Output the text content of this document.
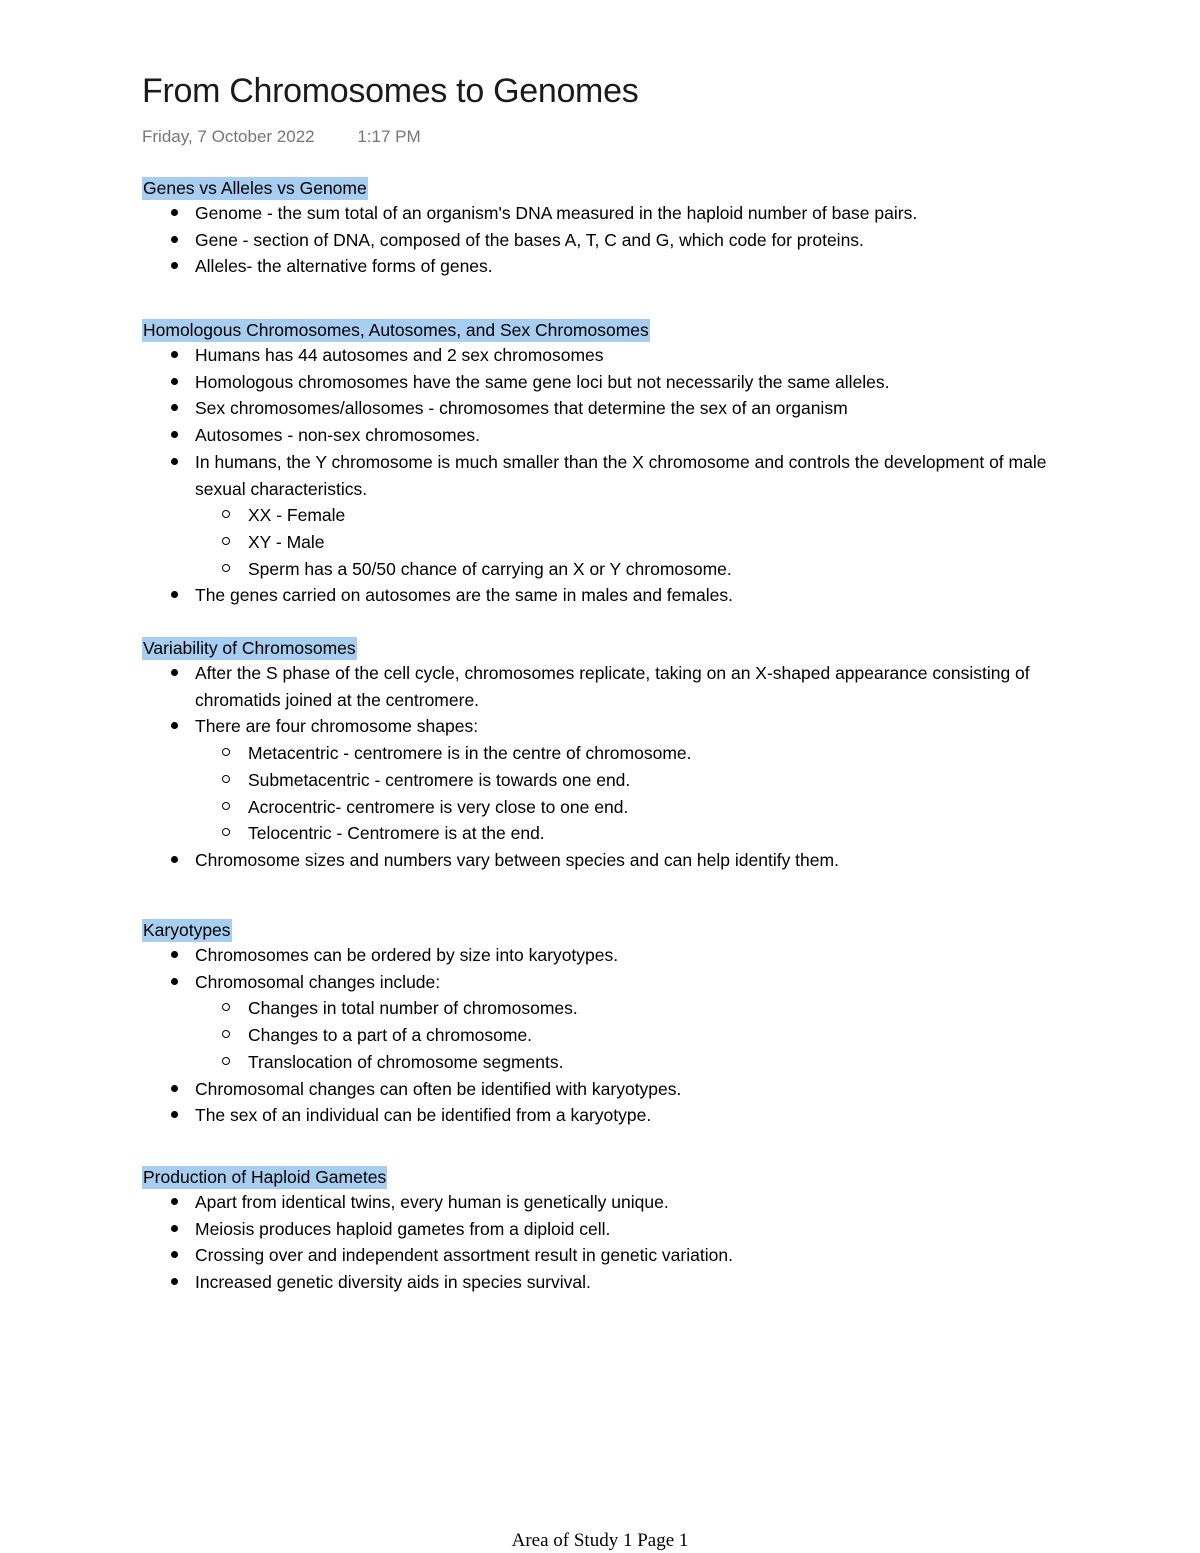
From Chromosomes to Genomes
Friday, 7 October 2022	1:17 PM
Genes vs Alleles vs Genome
Genome - the sum total of an organism's DNA measured in the haploid number of base pairs.
Gene - section of DNA, composed of the bases A, T, C and G, which code for proteins.
Alleles- the alternative forms of genes.
Homologous Chromosomes, Autosomes, and Sex Chromosomes
Humans has 44 autosomes and 2 sex chromosomes
Homologous chromosomes have the same gene loci but not necessarily the same alleles.
Sex chromosomes/allosomes - chromosomes that determine the sex of an organism
Autosomes - non-sex chromosomes.
In humans, the Y chromosome is much smaller than the X chromosome and controls the development of male sexual characteristics.
XX - Female
XY - Male
Sperm has a 50/50 chance of carrying an X or Y chromosome.
The genes carried on autosomes are the same in males and females.
Variability of Chromosomes
After the S phase of the cell cycle, chromosomes replicate, taking on an X-shaped appearance consisting of chromatids joined at the centromere.
There are four chromosome shapes:
Metacentric - centromere is in the centre of chromosome.
Submetacentric - centromere is towards one end.
Acrocentric- centromere is very close to one end.
Telocentric - Centromere is at the end.
Chromosome sizes and numbers vary between species and can help identify them.
Karyotypes
Chromosomes can be ordered by size into karyotypes.
Chromosomal changes include:
Changes in total number of chromosomes.
Changes to a part of a chromosome.
Translocation of chromosome segments.
Chromosomal changes can often be identified with karyotypes.
The sex of an individual can be identified from a karyotype.
Production of Haploid Gametes
Apart from identical twins, every human is genetically unique.
Meiosis produces haploid gametes from a diploid cell.
Crossing over and independent assortment result in genetic variation.
Increased genetic diversity aids in species survival.
Area of Study 1 Page 1
